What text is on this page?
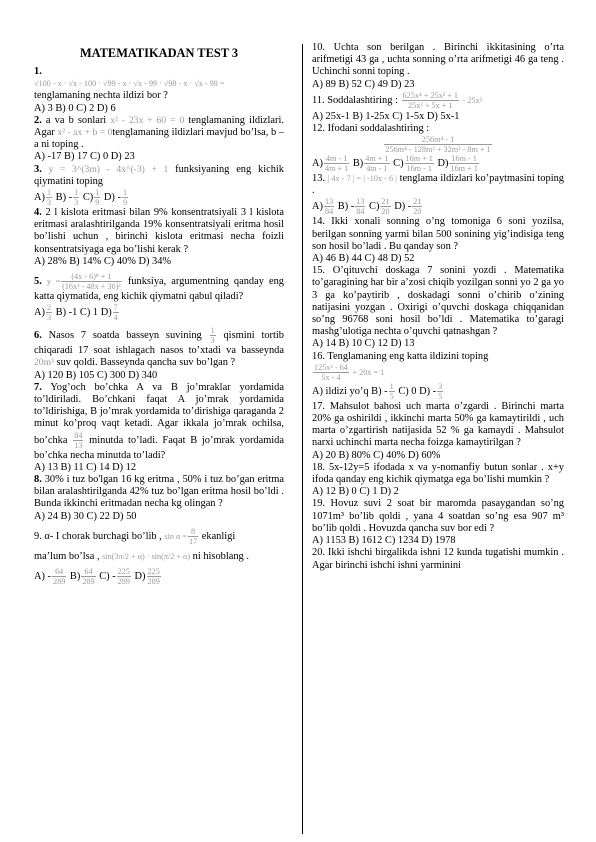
MATEMATIKADAN TEST 3
1.
√100 - x · √x - 100 · √99 - x · √x - 99 · √98 - x · √x - 98 =
tenglamaning nechta ildizi bor ?
A) 3 B) 0 C) 2 D) 6
2. a va b sonlari x² - 23x + 60 = 0 tenglamaning ildizlari. Agar x² - ax + b = 0tenglamaning ildizlari mavjud bo’lsa, b – a ni toping .
A) -17 B) 17 C) 0 D) 23
3. y = 3^(3m) - 4x^(-3) + 1 funksiyaning eng kichik qiymatini toping
$A) \frac{1}{3} B) - \frac{1}{3} C) \frac{1}{9} D) - \frac{1}{9}$
4. 2 l kislota eritmasi bilan 9% konsentratsiyali 3 l kislota eritmasi aralashtirilganda 19% konsentratsiyali eritma hosil bo’lishi uchun , birinchi kislota eritmasi necha foizli konsentratsiyaga ega bo’lishi kerak ?
A) 28% B) 14% C) 40% D) 34%
5. $y = \frac{\text{(4x - 6)⁸ + 1}}{\text{(16x² - 48x + 36)²}}$ funksiya, argumentning qanday eng katta qiymatida, eng kichik qiymatni qabul qiladi?
$A) \frac{2}{3} B$) -1 C) 1 $D) \frac{7}{4}$
6. Nasos 7 soatda basseyn suvining $\frac{1}{3}$ qismini tortib chiqaradi 17 soat ishlagach nasos to’xtadi va basseynda 20m³ suv qoldi. Basseynda qancha suv bo’lgan ?
A) 120 B) 105 C) 300 D) 340
7. Yog’och bo’chka A va B jo’mraklar yordamida to’ldiriladi. Bo’chkani faqat A jo’mrak yordamida to’ldirishiga, B jo’mrak yordamida to’dirishiga qaraganda 2 minut ko’proq vaqt ketadi. Agar ikkala jo’mrak ochilsa, bo’chka $\frac{84}{13}$ minutda to’ladi. Faqat B jo’mrak yordamida bo’chka necha minutda to’ladi?
A) 13 B) 11 C) 14 D) 12
8. 30% i tuz bo'lgan 16 kg eritma , 50% i tuz bo’gan eritma bilan aralashtirilganda 42% tuz bo’lgan eritma hosil bo’ldi . Bunda ikkinchi eritmadan necha kg olingan ?
A) 24 B) 30 C) 22 D) 50
9. α- I chorak burchagi bo’lib , $\sin \alpha = \frac{8}{17}$ ekanligi
ma’lum bo’lsa , sin(3π/2 + α) · sin(π/2 + α) ni hisoblang .
$A) - \frac{64}{289} B) \frac{64}{289} C) - \frac{225}{289} D) \frac{225}{289}$
10. Uchta son berilgan . Birinchi ikkitasining o’rta arifmetigi 43 ga , uchta sonning o’rta arifmetigi 46 ga teng . Uchinchi sonni toping .
A) 89 B) 52 C) 49 D) 23
11. Soddalashtiring : $\frac{\text{625x⁴ + 25x² + 1}}{\text{25x² + 5x + 1}} - 25x^2$
A) 25x-1 B) 1-25x C) 1-5x D) 5x-1
12. Ifodani soddalashtiring :
$\frac{\text{256m⁴ - 1}}{\text{256m⁴ - 128m³ + 32m² - 8m + 1}}$
$A) \frac{4m - 1}{4m + 1} B) \frac{4m + 1}{4m - 1} C) \frac{16m + 1}{16m - 1} D) \frac{16m - 1}{16m + 1}$
13. | 4x - 7 | = | -10x - 6 | tenglama ildizlari ko’paytmasini toping .
$A) \frac{13}{84} B) - \frac{13}{84} C) \frac{21}{20} D) - \frac{21}{20}$
14. Ikki xonali sonning o’ng tomoniga 6 soni yozilsa, berilgan sonning yarmi bilan 500 sonining yig’indisiga teng son hosil bo’ladi . Bu qanday son ?
A) 46 B) 44 C) 48 D) 52
15. O’qituvchi doskaga 7 sonini yozdi . Matematika to’garagining har bir a’zosi chiqib yozilgan sonni yo 2 ga yo 3 ga ko’paytirib , doskadagi sonni o’chirib o’zining natijasini yozgan . Oxirigi o’quvchi doskaga chiqqanidan so’ng 96768 soni hosil bo’ldi . Matematika to’garagi mashg’ulotiga nechta o’quvchi qatnashgan ?
A) 14 B) 10 C) 12 D) 13
16. Tenglamaning eng katta ildizini toping
$\frac{\text{125x³ - 64}}{5x - 4} + 20x = 1$
A) ildizi yo’q $B) - \frac{1}{5} C$) 0 $D) - \frac{3}{5}$
17. Mahsulot bahosi uch marta o’zgardi . Birinchi marta 20% ga oshirildi , ikkinchi marta 50% ga kamaytirildi , uch marta o’zgartirish natijasida 52 % ga kamaydi . Mahsulot narxi uchinchi marta necha foizga kamaytirilgan ?
A) 20 B) 80% C) 40% D) 60%
18. 5x-12y=5 ifodada x va y-nomanfiy butun sonlar . x+y ifoda qanday eng kichik qiymatga ega bo’lishi mumkin ?
A) 12 B) 0 C) 1 D) 2
19. Hovuz suvi 2 soat bir maromda pasaygandan so’ng 1071m³ bo’lib qoldi , yana 4 soatdan so’ng esa 907 m³ bo’lib qoldi . Hovuzda qancha suv bor edi ?
A) 1153 B) 1612 C) 1234 D) 1978
20. Ikki ishchi birgalikda ishni 12 kunda tugatishi mumkin . Agar birinchi ishchi ishni yarminini
